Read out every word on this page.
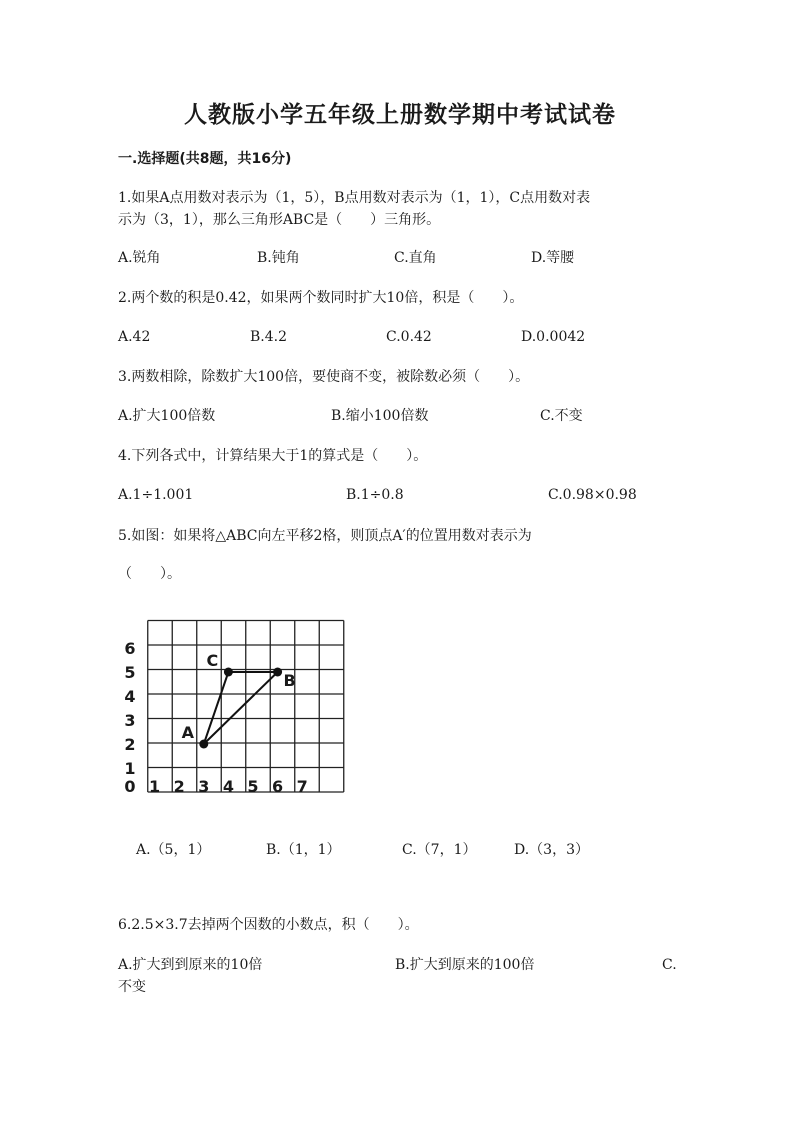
人教版小学五年级上册数学期中考试试卷
一.选择题(共8题，共16分)
1.如果A点用数对表示为（1，5），B点用数对表示为（1，1），C点用数对表
示为（3，1），那么三角形ABC是（　　）三角形。
A.锐角	B.钝角	C.直角	D.等腰
2.两个数的积是0.42，如果两个数同时扩大10倍，积是（　　）。
A.42	B.4.2	C.0.42	D.0.0042
3.两数相除，除数扩大100倍，要使商不变，被除数必须（　　）。
A.扩大100倍数	B.缩小100倍数	C.不变
4.下列各式中，计算结果大于1的算式是（　　）。
A.1÷1.001	B.1÷0.8	C.0.98×0.98
5.如图：如果将△ABC向左平移2格，则顶点A′的位置用数对表示为
（　　）。
0 1 2 3 4 5 6 7
1
2
3
4
5
6
A
C
B
A.（5，1）	B.（1，1）	C.（7，1）	D.（3，3）
6.2.5×3.7去掉两个因数的小数点，积（　　）。
A.扩大到到原来的10倍	B.扩大到原来的100倍	C.
不变
